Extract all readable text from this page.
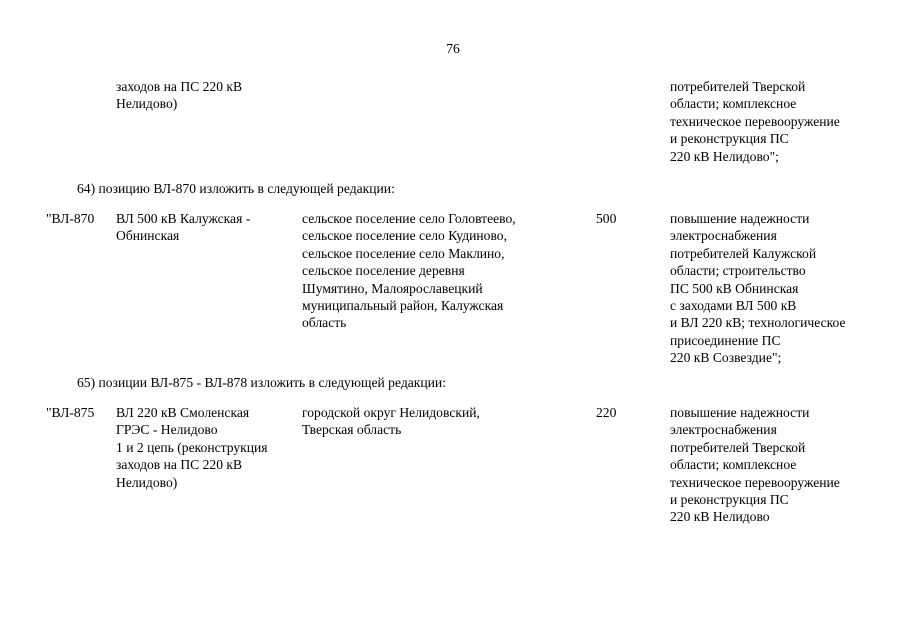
76
заходов на ПС 220 кВ
Нелидово)
потребителей Тверской
области; комплексное
техническое перевооружение
и реконструкция ПС
220 кВ Нелидово";
64) позицию ВЛ-870 изложить в следующей редакции:
"ВЛ-870 ВЛ 500 кВ Калужская -
Обнинская
сельское поселение село Головтеево,
сельское поселение село Кудиново,
сельское поселение село Маклино,
сельское поселение деревня
Шумятино, Малоярославецкий
муниципальный район, Калужская
область
500	повышение надежности
электроснабжения
потребителей Калужской
области; строительство
ПС 500 кВ Обнинская
с заходами ВЛ 500 кВ
и ВЛ 220 кВ; технологическое
присоединение ПС
220 кВ Созвездие";
65) позиции ВЛ-875 - ВЛ-878 изложить в следующей редакции:
"ВЛ-875 ВЛ 220 кВ Смоленская
ГРЭС - Нелидово
1 и 2 цепь (реконструкция
заходов на ПС 220 кВ
Нелидово)
городской округ Нелидовский,
Тверская область
220	повышение надежности
электроснабжения
потребителей Тверской
области; комплексное
техническое перевооружение
и реконструкция ПС
220 кВ Нелидово
